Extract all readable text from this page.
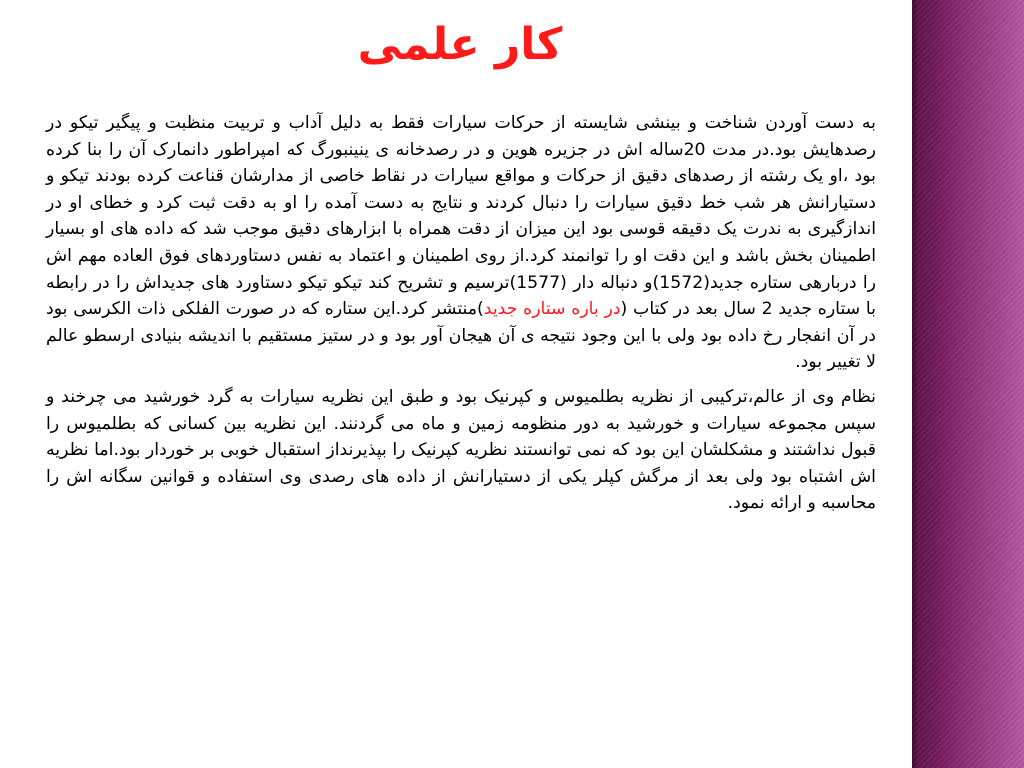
کار علمی

به دست آوردن شناخت و بینشی شایسته از حرکات سیارات فقط به دلیل آداب و تربیت منظبت و پیگیر تیکو در رصدهایش بود.در مدت 20ساله اش در جزیره هوین و در رصدخانه ی ینینبورگ که امپراطور دانمارک آن را بنا کرده بود ،او یک رشته از رصدهای دقیق از حرکات و مواقع سیارات در نقاط خاصی از مدارشان قناعت کرده بودند تیکو و دستیارانش هر شب خط دقیق سیارات را دنبال کردند و نتایج به دست آمده را او به دقت ثبت کرد و خطای او در اندازگیری به ندرت یک دقیقه قوسی بود این میزان از دقت همراه با ابزارهای دقیق موجب شد که داده های او بسیار اطمینان بخش باشد و این دقت او را توانمند کرد.از روی اطمینان و اعتماد به نفس دستاوردهای فوق العاده مهم اش را دربارهی ستاره جدید(1572)و دنباله دار (1577)ترسیم و تشریح کند تیکو تیکو دستاورد های جدیداش را در رابطه با ستاره جدید 2 سال بعد در کتاب (در باره ستاره جدید)منتشر کرد.این ستاره که در صورت الفلکی ذات الکرسی بود در آن انفجار رخ داده بود ولی با این وجود نتیجه ی آن هیجان آور بود و در ستیز مستقیم با اندیشه بنیادی ارسطو عالم لا تغییر بود.

نظام وی از عالم،ترکیبی از نظریه بطلمیوس و کپرنیک بود و طبق این نظریه سیارات به گرد خورشید می چرخند و سپس مجموعه سیارات و خورشید به دور منظومه زمین و ماه می گردنند. این نظریه بین کسانی که بطلمیوس را قبول نداشتند و مشکلشان این بود که نمی توانستند نظریه کپرنیک را بپذیرنداز استقبال خوبی بر خوردار بود.اما نظریه اش اشتباه بود ولی بعد از مرگش کپلر یکی از دستیارانش از داده های رصدی وی استفاده و قوانین سگانه اش را محاسبه و ارائه نمود.
